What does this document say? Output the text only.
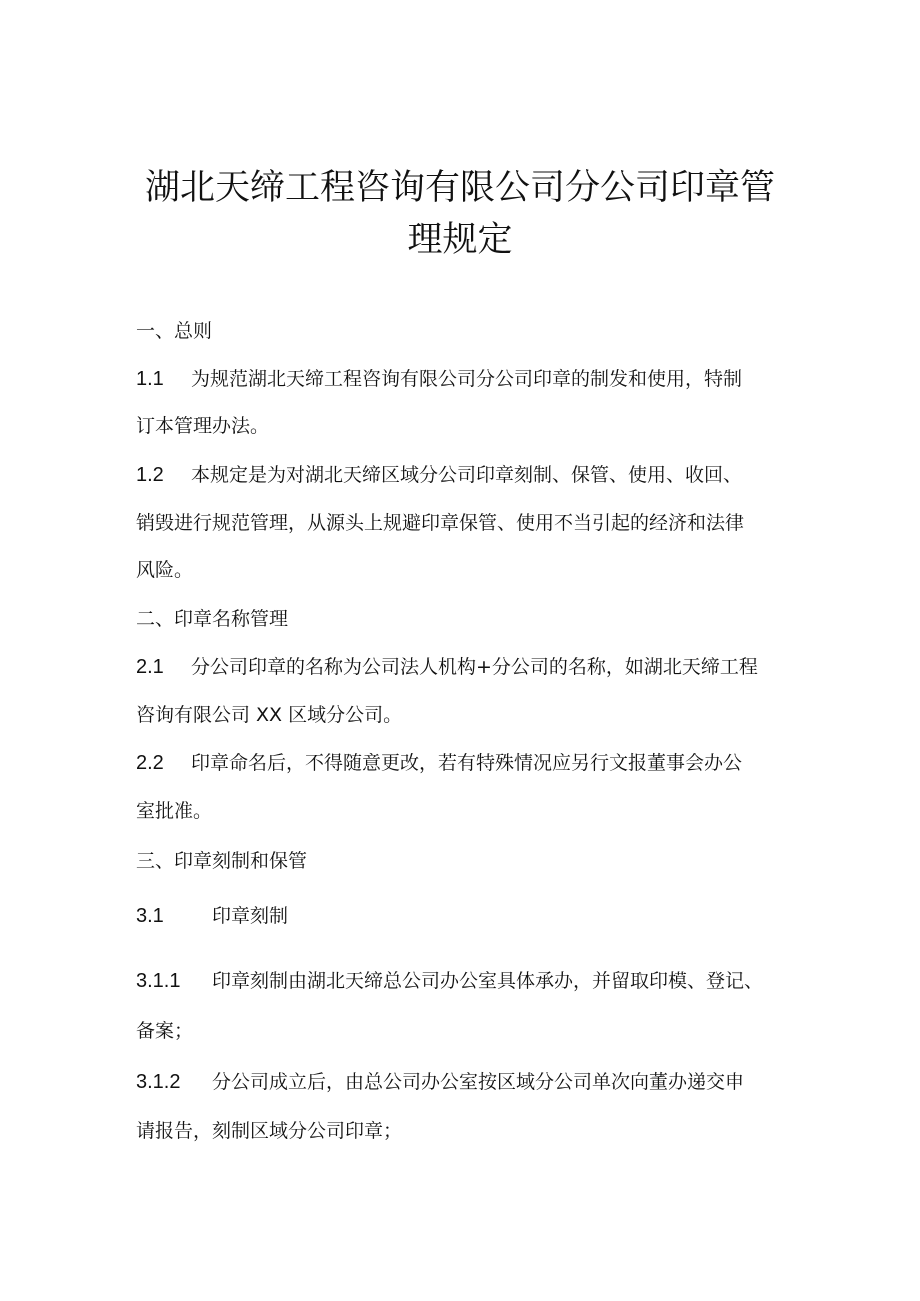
湖北天缔工程咨询有限公司分公司印章管
理规定
一、总则
1.1 为规范湖北天缔工程咨询有限公司分公司印章的制发和使用，特制
订本管理办法。
1.2 本规定是为对湖北天缔区域分公司印章刻制、保管、使用、收回、
销毁进行规范管理，从源头上规避印章保管、使用不当引起的经济和法律
风险。
二、印章名称管理
2.1 分公司印章的名称为公司法人机构+分公司的名称，如湖北天缔工程
咨询有限公司 XX 区域分公司。
2.2 印章命名后，不得随意更改，若有特殊情况应另行文报董事会办公
室批准。
三、印章刻制和保管
3.1	印章刻制
3.1.1 印章刻制由湖北天缔总公司办公室具体承办，并留取印模、登记、
备案；
3.1.2 分公司成立后，由总公司办公室按区域分公司单次向董办递交申
请报告，刻制区域分公司印章；
